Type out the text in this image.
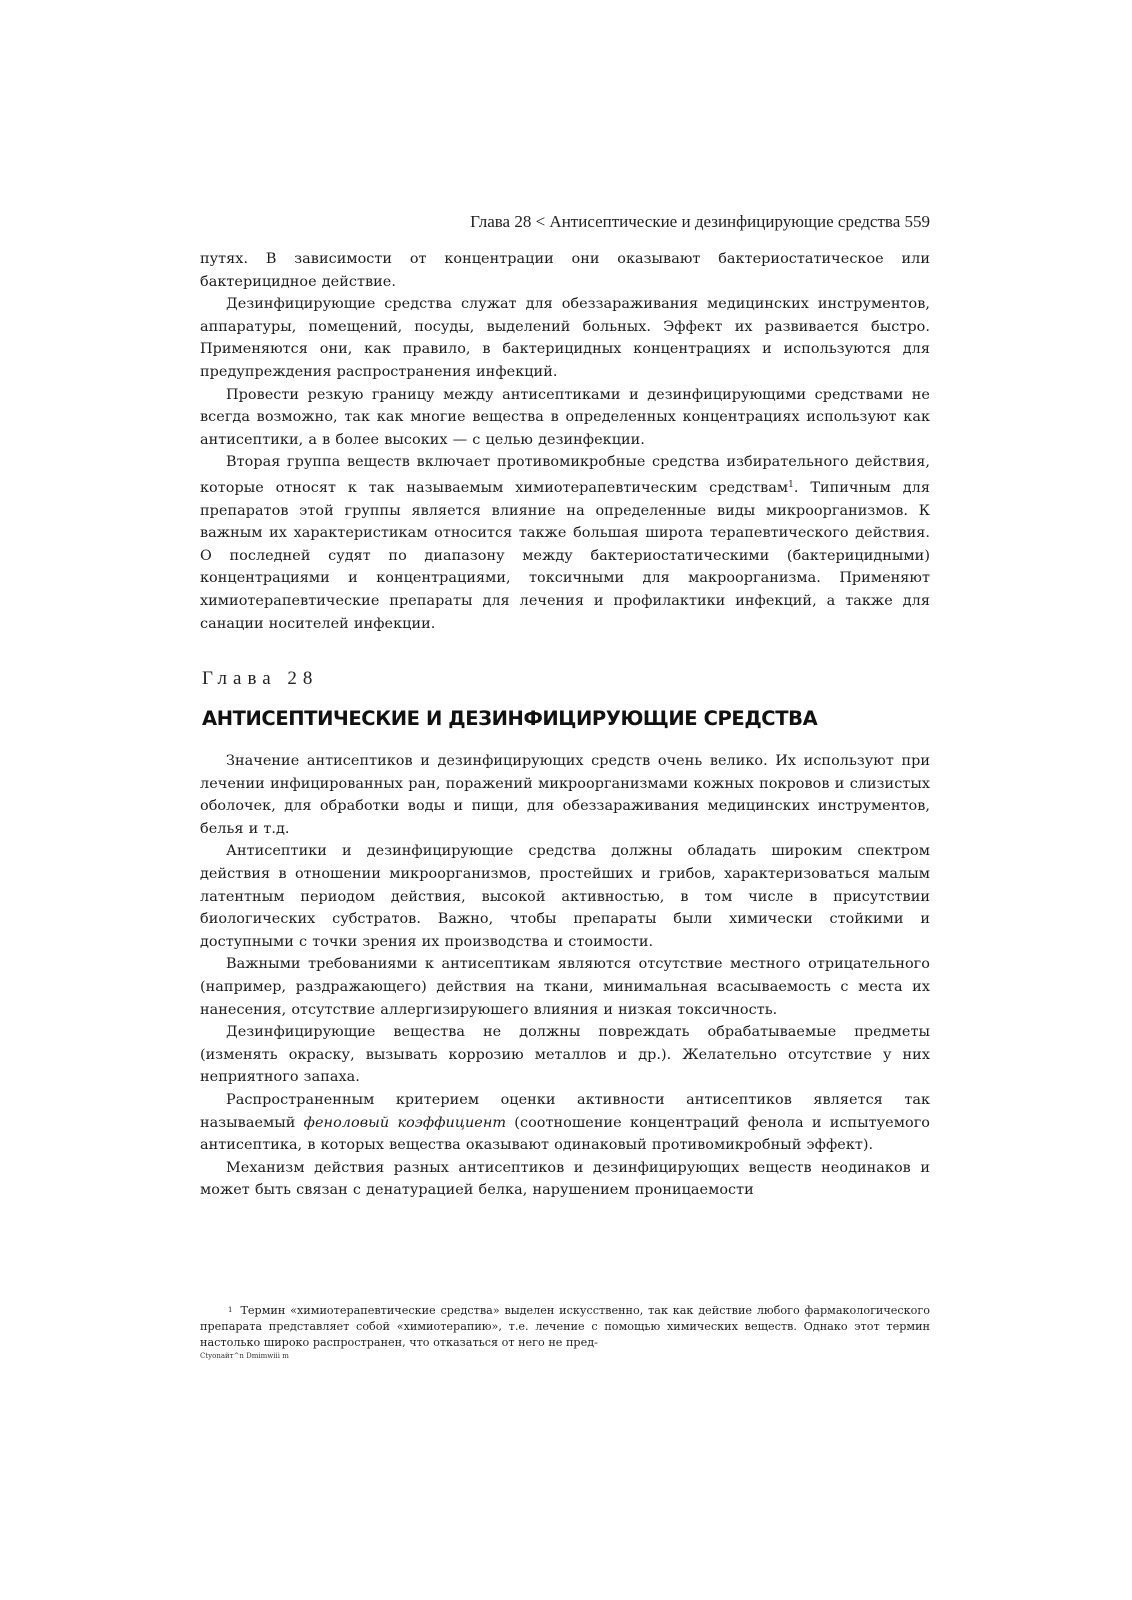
Глава 28 < Антисептические и дезинфицирующие средства 559

путях. В зависимости от концентрации они оказывают бактериостатическое или бактерицидное действие.

Дезинфицирующие средства служат для обеззараживания медицинских инструментов, аппаратуры, помещений, посуды, выделений больных. Эффект их развивается быстро. Применяются они, как правило, в бактерицидных концентрациях и используются для предупреждения распространения инфекций.

Провести резкую границу между антисептиками и дезинфицирующими средствами не всегда возможно, так как многие вещества в определенных концентрациях используют как антисептики, а в более высоких — с целью дезинфекции.

Вторая группа веществ включает противомикробные средства избирательного действия, которые относят к так называемым химиотерапевтическим средствам$^1$. Типичным для препаратов этой группы является влияние на определенные виды микроорганизмов. К важным их характеристикам относится также большая широта терапевтического действия. О последней судят по диапазону между бактериостатическими (бактерицидными) концентрациями и концентрациями, токсичными для макроорганизма. Применяют химиотерапевтические препараты для лечения и профилактики инфекций, а также для санации носителей инфекции.

Глава 28
АНТИСЕПТИЧЕСКИЕ И ДЕЗИНФИЦИРУЮЩИЕ СРЕДСТВА

Значение антисептиков и дезинфицирующих средств очень велико. Их используют при лечении инфицированных ран, поражений микроорганизмами кожных покровов и слизистых оболочек, для обработки воды и пищи, для обеззараживания медицинских инструментов, белья и т.д.

Антисептики и дезинфицирующие средства должны обладать широким спектром действия в отношении микроорганизмов, простейших и грибов, характеризоваться малым латентным периодом действия, высокой активностью, в том числе в присутствии биологических субстратов. Важно, чтобы препараты были химически стойкими и доступными с точки зрения их производства и стоимости.

Важными требованиями к антисептикам являются отсутствие местного отрицательного (например, раздражающего) действия на ткани, минимальная всасываемость с места их нанесения, отсутствие аллергизируюшего влияния и низкая токсичность.

Дезинфицирующие вещества не должны повреждать обрабатываемые предметы (изменять окраску, вызывать коррозию металлов и др.). Желательно отсутствие у них неприятного запаха.

Распространенным критерием оценки активности антисептиков является так называемый феноловый коэффициент (соотношение концентраций фенола и испытуемого антисептика, в которых вещества оказывают одинаковый противомикробный эффект).

Механизм действия разных антисептиков и дезинфицирующих веществ неодинаков и может быть связан с денатурацией белка, нарушением проницаемости

1 Термин «химиотерапевтические средства» выделен искусственно, так как действие любого фармакологического препарата представляет собой «химиотерапию», т.е. лечение с помощью химических веществ. Однако этот термин настолько широко распространен, что отказаться от него не пред-

Ctyonaйт^n Dmimwiii m
